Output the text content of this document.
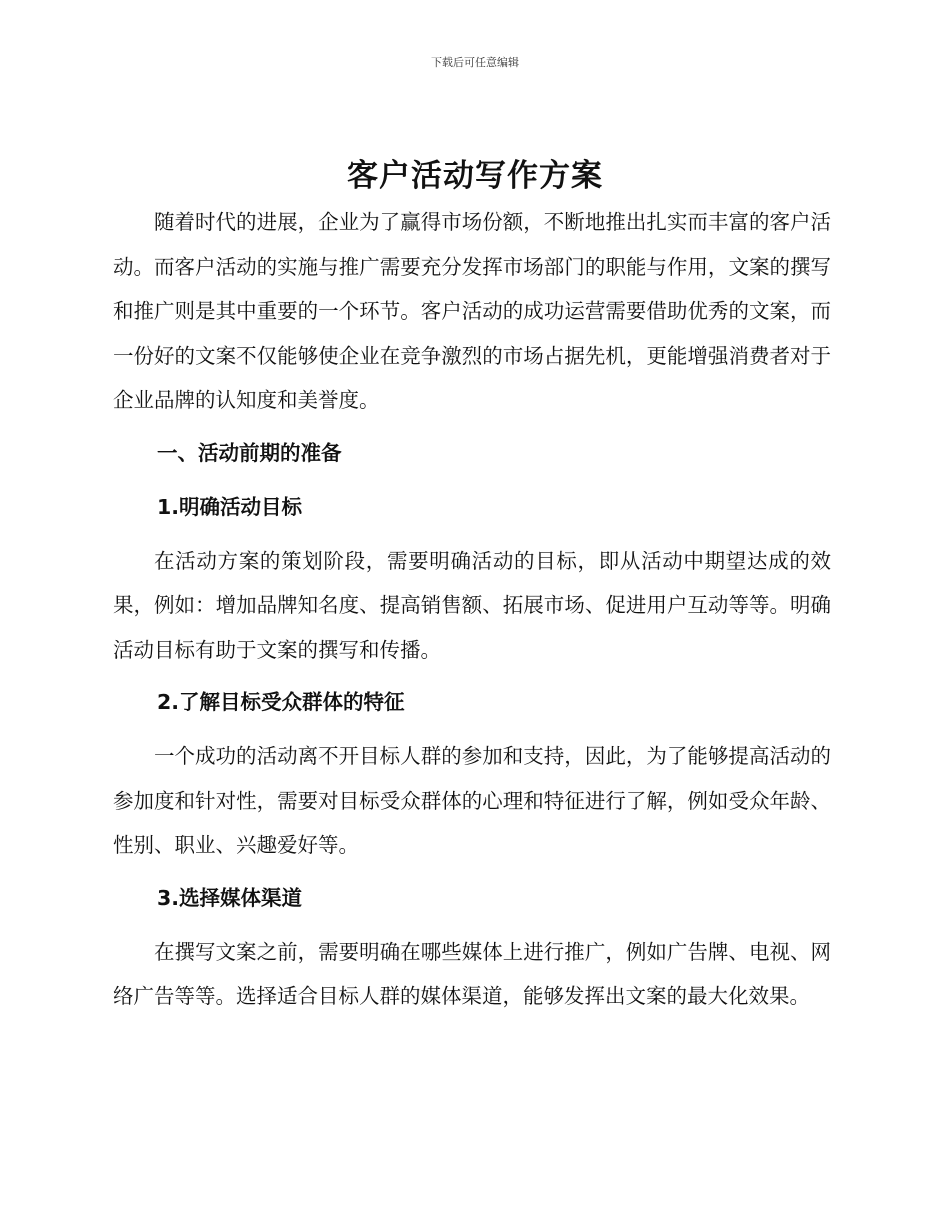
下载后可任意编辑
客户活动写作方案

随着时代的进展，企业为了赢得市场份额，不断地推出扎实而丰富的客户活动。而客户活动的实施与推广需要充分发挥市场部门的职能与作用，文案的撰写和推广则是其中重要的一个环节。客户活动的成功运营需要借助优秀的文案，而一份好的文案不仅能够使企业在竞争激烈的市场占据先机，更能增强消费者对于企业品牌的认知度和美誉度。

一、活动前期的准备
1.明确活动目标

在活动方案的策划阶段，需要明确活动的目标，即从活动中期望达成的效果，例如：增加品牌知名度、提高销售额、拓展市场、促进用户互动等等。明确活动目标有助于文案的撰写和传播。

2.了解目标受众群体的特征

一个成功的活动离不开目标人群的参加和支持，因此，为了能够提高活动的参加度和针对性，需要对目标受众群体的心理和特征进行了解，例如受众年龄、性别、职业、兴趣爱好等。

3.选择媒体渠道

在撰写文案之前，需要明确在哪些媒体上进行推广，例如广告牌、电视、网络广告等等。选择适合目标人群的媒体渠道，能够发挥出文案的最大化效果。
